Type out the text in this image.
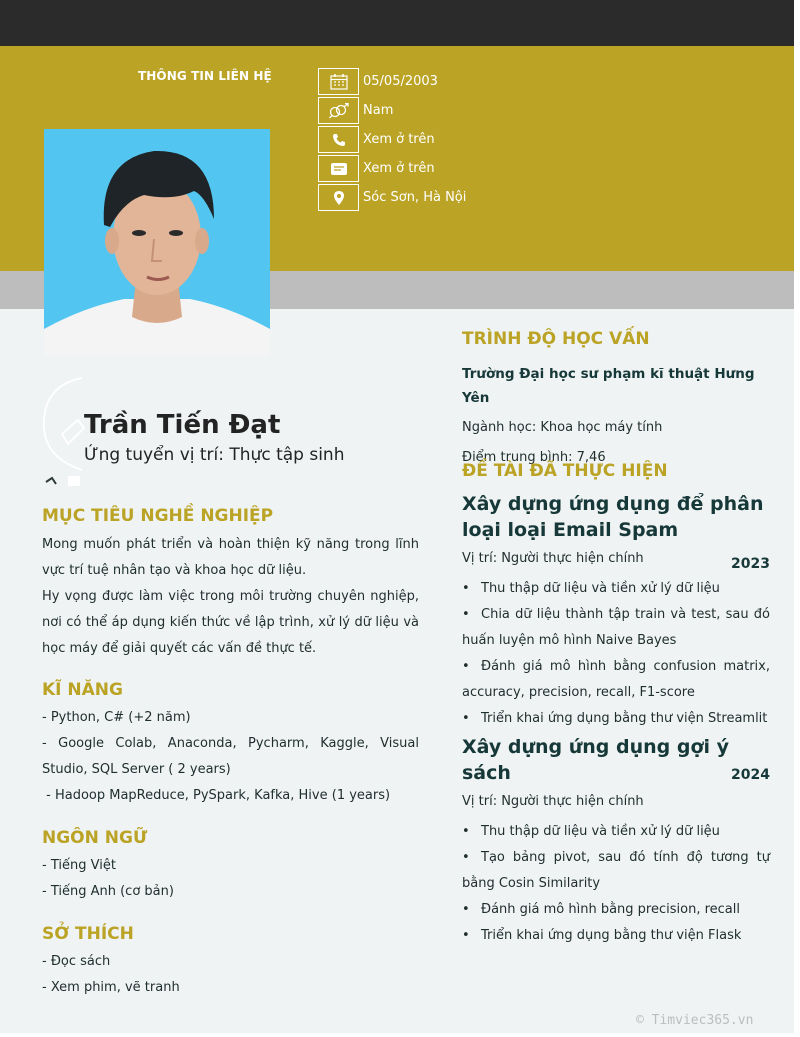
THÔNG TIN LIÊN HỆ	05/05/2003
Nam
Xem ở trên
Xem ở trên
Sóc Sơn, Hà Nội
Trần Tiến Đạt
Ứng tuyển vị trí: Thực tập sinh
MỤC TIÊU NGHỀ NGHIỆP
Mong muốn phát triển và hoàn thiện kỹ năng trong lĩnh vực trí tuệ nhân tạo và khoa học dữ liệu.
Hy vọng được làm việc trong môi trường chuyên nghiệp, nơi có thể áp dụng kiến thức về lập trình, xử lý dữ liệu và học máy để giải quyết các vấn đề thực tế.
KĨ NĂNG
- Python, C# (+2 năm)
- Google Colab, Anaconda, Pycharm, Kaggle, Visual Studio, SQL Server ( 2 years)
- Hadoop MapReduce, PySpark, Kafka, Hive (1 years)
NGÔN NGỮ
- Tiếng Việt
- Tiếng Anh (cơ bản)
SỞ THÍCH
- Đọc sách
- Xem phim, vẽ tranh
TRÌNH ĐỘ HỌC VẤN
Trường Đại học sư phạm kĩ thuật Hưng Yên
Ngành học: Khoa học máy tính
Điểm trung bình: 7,46
ĐỀ TÀI ĐÃ THỰC HIỆN
Xây dựng ứng dụng để phân loại loại Email Spam
Vị trí: Người thực hiện chính	2023
•Thu thập dữ liệu và tiền xử lý dữ liệu
•Chia dữ liệu thành tập train và test, sau đó huấn luyện mô hình Naive Bayes
•Đánh giá mô hình bằng confusion matrix, accuracy, precision, recall, F1-score
•Triển khai ứng dụng bằng thư viện Streamlit
Xây dựng ứng dụng gợi ý sách	2024
Vị trí: Người thực hiện chính
•Thu thập dữ liệu và tiền xử lý dữ liệu
•Tạo bảng pivot, sau đó tính độ tương tự bằng Cosin Similarity
•Đánh giá mô hình bằng precision, recall
•Triển khai ứng dụng bằng thư viện Flask
© Timviec365.vn
